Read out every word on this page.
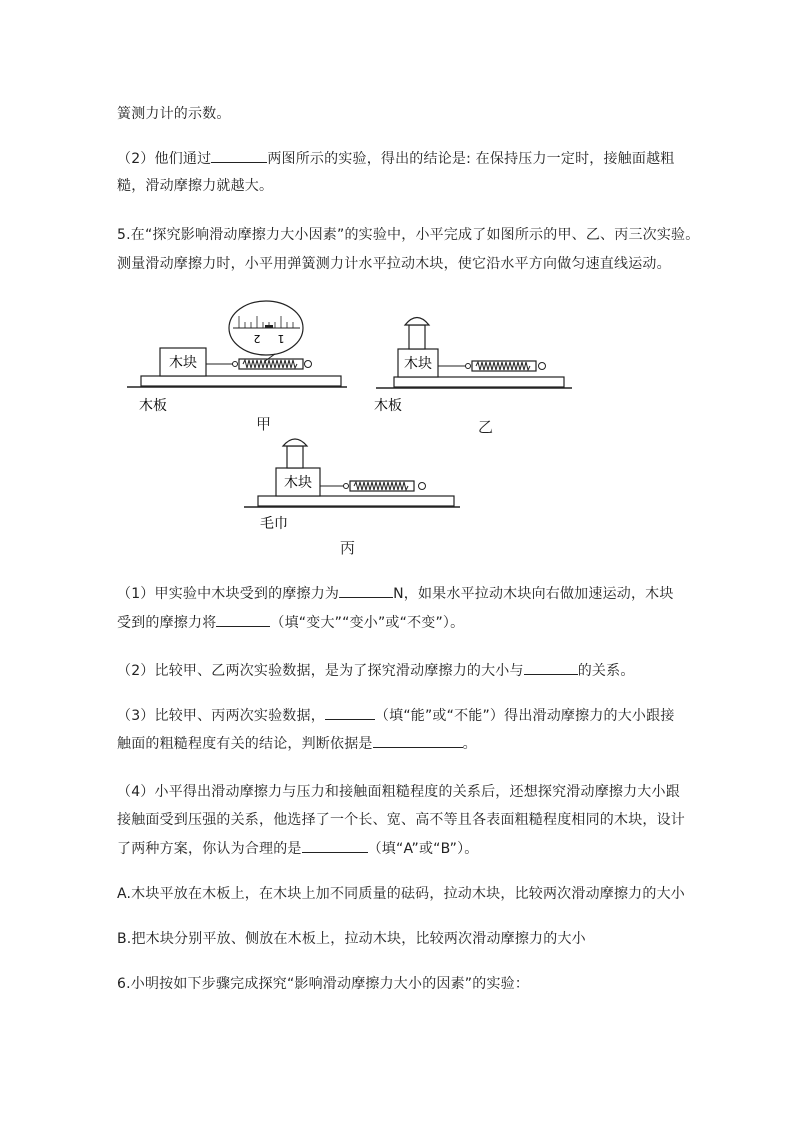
簧测力计的示数。
（2）他们通过	两图所示的实验，得出的结论是: 在保持压力一定时，接触面越粗
糙，滑动摩擦力就越大。
5.在“探究影响滑动摩擦力大小因素”的实验中，小平完成了如图所示的甲、乙、丙三次实验。
测量滑动摩擦力时，小平用弹簧测力计水平拉动木块，使它沿水平方向做匀速直线运动。
木块
2 1
木板
甲
木块
木板
乙
木块
毛巾
丙
（1）甲实验中木块受到的摩擦力为	N，如果水平拉动木块向右做加速运动，木块
受到的摩擦力将	（填“变大”“变小”或“不变”）。
（2）比较甲、乙两次实验数据，是为了探究滑动摩擦力的大小与	的关系。
（3）比较甲、丙两次实验数据，	（填“能”或“不能”）得出滑动摩擦力的大小跟接
触面的粗糙程度有关的结论，判断依据是	。
（4）小平得出滑动摩擦力与压力和接触面粗糙程度的关系后，还想探究滑动摩擦力大小跟
接触面受到压强的关系，他选择了一个长、宽、高不等且各表面粗糙程度相同的木块，设计
了两种方案，你认为合理的是	（填“A”或“B”）。
A.木块平放在木板上，在木块上加不同质量的砝码，拉动木块，比较两次滑动摩擦力的大小
B.把木块分别平放、侧放在木板上，拉动木块，比较两次滑动摩擦力的大小
6.小明按如下步骤完成探究“影响滑动摩擦力大小的因素”的实验：
